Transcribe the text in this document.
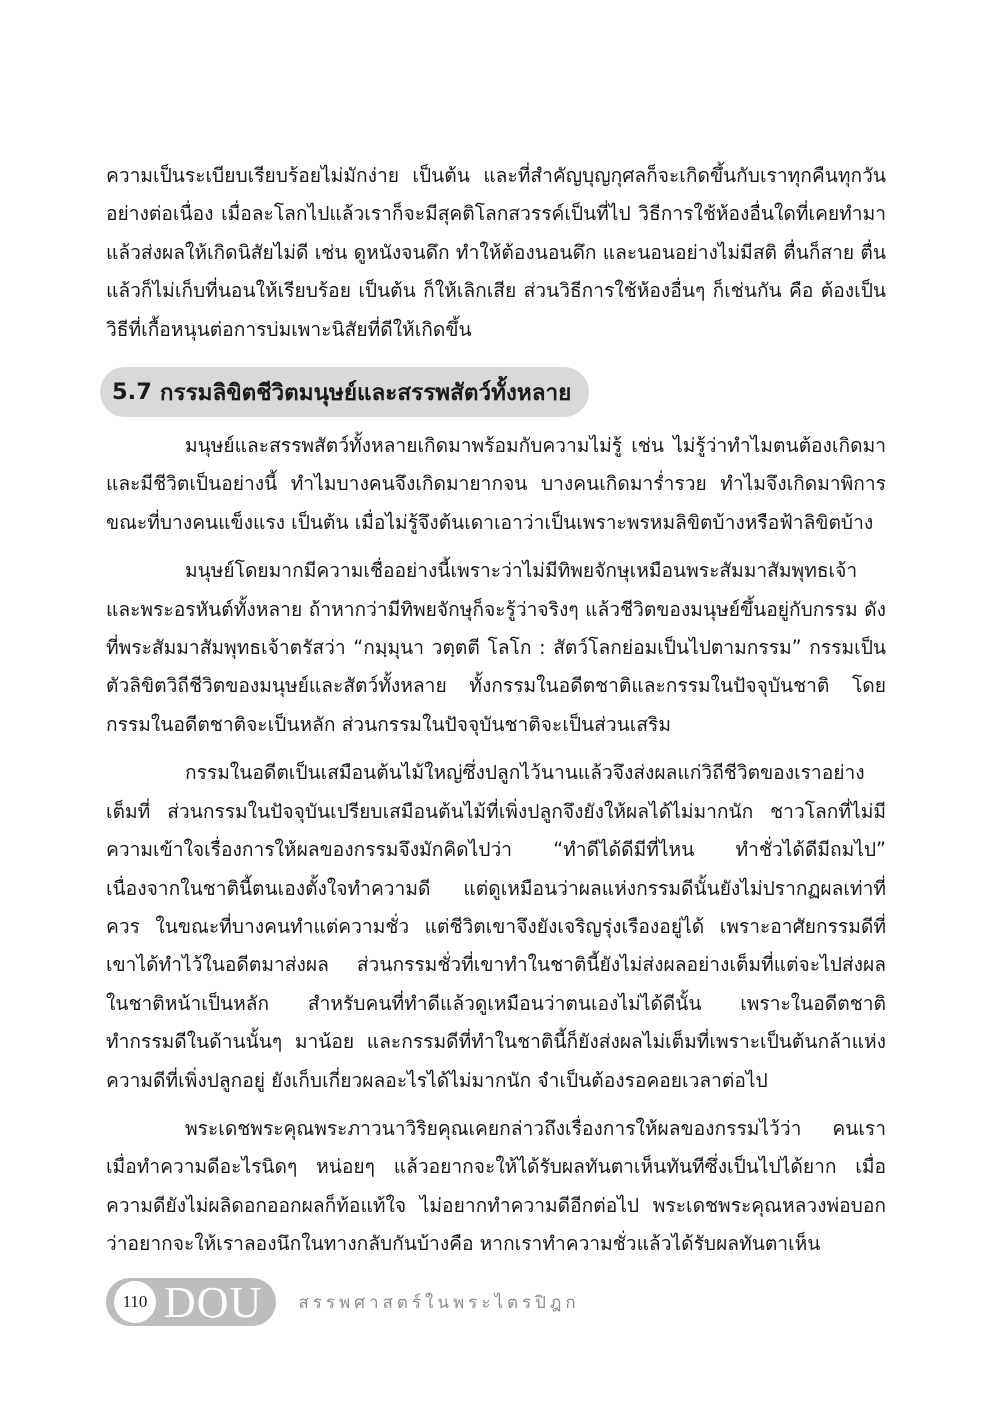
ความเป็นระเบียบเรียบร้อยไม่มักง่าย เป็นต้น และที่สำคัญบุญกุศลก็จะเกิดขึ้นกับเราทุกคืนทุกวันอย่างต่อเนื่อง เมื่อละโลกไปแล้วเราก็จะมีสุคติโลกสวรรค์เป็นที่ไป วิธีการใช้ห้องอื่นใดที่เคยทำมาแล้วส่งผลให้เกิดนิสัยไม่ดี เช่น ดูหนังจนดึก ทำให้ต้องนอนดึก และนอนอย่างไม่มีสติ ตื่นก็สาย ตื่นแล้วก็ไม่เก็บที่นอนให้เรียบร้อย เป็นต้น ก็ให้เลิกเสีย ส่วนวิธีการใช้ห้องอื่นๆ ก็เช่นกัน คือ ต้องเป็นวิธีที่เกื้อหนุนต่อการบ่มเพาะนิสัยที่ดีให้เกิดขึ้น

5.7 กรรมลิขิตชีวิตมนุษย์และสรรพสัตว์ทั้งหลาย

มนุษย์และสรรพสัตว์ทั้งหลายเกิดมาพร้อมกับความไม่รู้ เช่น ไม่รู้ว่าทำไมตนต้องเกิดมา และมีชีวิตเป็นอย่างนี้ ทำไมบางคนจึงเกิดมายากจน บางคนเกิดมาร่ำรวย ทำไมจึงเกิดมาพิการ ขณะที่บางคนแข็งแรง เป็นต้น เมื่อไม่รู้จึงต้นเดาเอาว่าเป็นเพราะพรหมลิขิตบ้างหรือฟ้าลิขิตบ้าง

มนุษย์โดยมากมีความเชื่ออย่างนี้เพราะว่าไม่มีทิพยจักษุเหมือนพระสัมมาสัมพุทธเจ้าและพระอรหันต์ทั้งหลาย ถ้าหากว่ามีทิพยจักษุก็จะรู้ว่าจริงๆ แล้วชีวิตของมนุษย์ขึ้นอยู่กับกรรม ดังที่พระสัมมาสัมพุทธเจ้าตรัสว่า “กมฺมุนา วตฺตตี โลโก : สัตว์โลกย่อมเป็นไปตามกรรม” กรรมเป็นตัวลิขิตวิถีชีวิตของมนุษย์และสัตว์ทั้งหลาย ทั้งกรรมในอดีตชาติและกรรมในปัจจุบันชาติ โดยกรรมในอดีตชาติจะเป็นหลัก ส่วนกรรมในปัจจุบันชาติจะเป็นส่วนเสริม

กรรมในอดีตเป็นเสมือนต้นไม้ใหญ่ซึ่งปลูกไว้นานแล้วจึงส่งผลแก่วิถีชีวิตของเราอย่างเต็มที่ ส่วนกรรมในปัจจุบันเปรียบเสมือนต้นไม้ที่เพิ่งปลูกจึงยังให้ผลได้ไม่มากนัก ชาวโลกที่ไม่มีความเข้าใจเรื่องการให้ผลของกรรมจึงมักคิดไปว่า “ทำดีได้ดีมีที่ไหน ทำชั่วได้ดีมีถมไป” เนื่องจากในชาตินี้ตนเองตั้งใจทำความดี แต่ดูเหมือนว่าผลแห่งกรรมดีนั้นยังไม่ปรากฏผลเท่าที่ควร ในขณะที่บางคนทำแต่ความชั่ว แต่ชีวิตเขาจึงยังเจริญรุ่งเรืองอยู่ได้ เพราะอาศัยกรรมดีที่เขาได้ทำไว้ในอดีตมาส่งผล ส่วนกรรมชั่วที่เขาทำในชาตินี้ยังไม่ส่งผลอย่างเต็มที่แต่จะไปส่งผลในชาติหน้าเป็นหลัก สำหรับคนที่ทำดีแล้วดูเหมือนว่าตนเองไม่ได้ดีนั้น เพราะในอดีตชาติทำกรรมดีในด้านนั้นๆ มาน้อย และกรรมดีที่ทำในชาตินี้ก็ยังส่งผลไม่เต็มที่เพราะเป็นต้นกล้าแห่งความดีที่เพิ่งปลูกอยู่ ยังเก็บเกี่ยวผลอะไรได้ไม่มากนัก จำเป็นต้องรอคอยเวลาต่อไป

พระเดชพระคุณพระภาวนาวิริยคุณเคยกล่าวถึงเรื่องการให้ผลของกรรมไว้ว่า คนเราเมื่อทำความดีอะไรนิดๆ หน่อยๆ แล้วอยากจะให้ได้รับผลทันตาเห็นทันทีซึ่งเป็นไปได้ยาก เมื่อความดียังไม่ผลิดอกออกผลก็ท้อแท้ใจ ไม่อยากทำความดีอีกต่อไป พระเดชพระคุณหลวงพ่อบอกว่าอยากจะให้เราลองนึกในทางกลับกันบ้างคือ หากเราทำความชั่วแล้วได้รับผลทันตาเห็น

110 DOU สรรพศาสตร์ในพระไตรปิฎก
